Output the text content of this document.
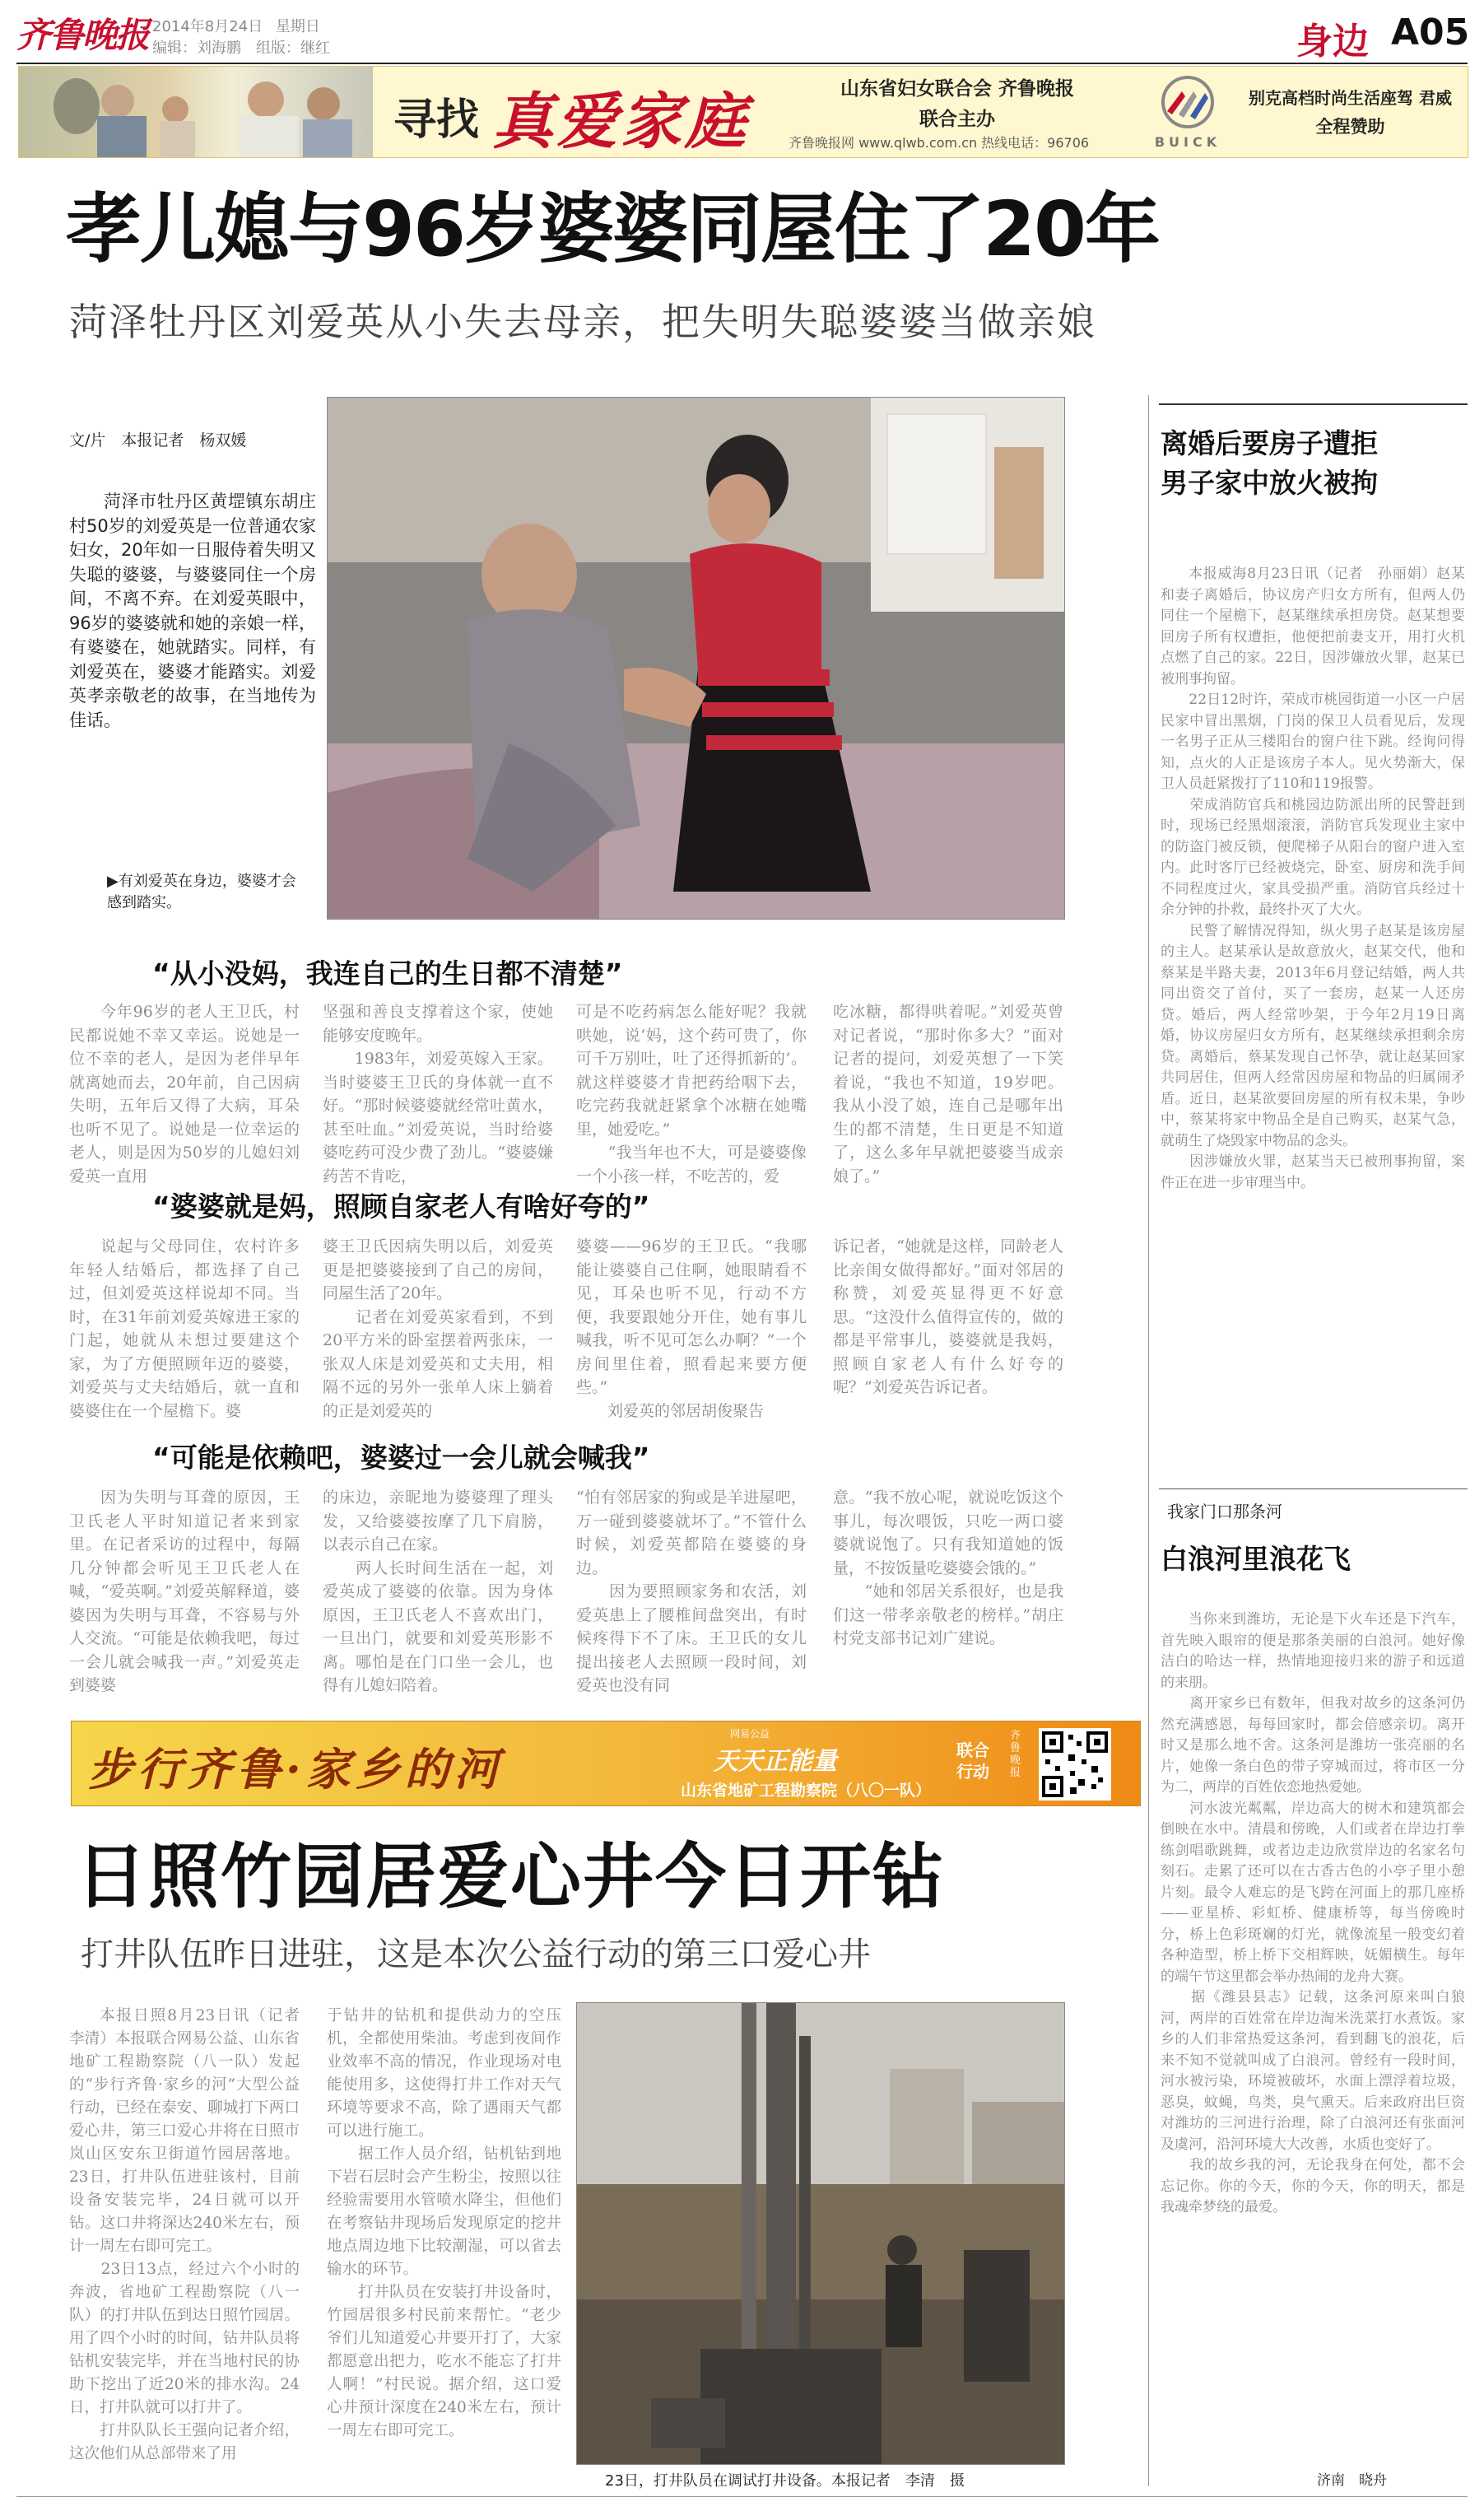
齐鲁晚报 2014年8月24日 星期日
编辑：刘海鹏　组版：继红	身边 A05
寻找 真爱家庭	山东省妇女联合会 齐鲁晚报
联合主办
齐鲁晚报网 www.qlwb.com.cn 热线电话：96706	BUICK
别克高档时尚生活座驾 君威
全程赞助
孝儿媳与96岁婆婆同屋住了20年
菏泽牡丹区刘爱英从小失去母亲，把失明失聪婆婆当做亲娘
文/片　本报记者　杨双媛
菏泽市牡丹区黄堽镇东胡庄村50岁的刘爱英是一位普通农家妇女，20年如一日服侍着失明又失聪的婆婆，与婆婆同住一个房间，不离不弃。在刘爱英眼中，96岁的婆婆就和她的亲娘一样，有婆婆在，她就踏实。同样，有刘爱英在，婆婆才能踏实。刘爱英孝亲敬老的故事，在当地传为佳话。
▶有刘爱英在身边，婆婆才会感到踏实。
“从小没妈，我连自己的生日都不清楚”
今年96岁的老人王卫氏，村民都说她不幸又幸运。说她是一位不幸的老人，是因为老伴早年就离她而去，20年前，自己因病失明，五年后又得了大病，耳朵也听不见了。说她是一位幸运的老人，则是因为50岁的儿媳妇刘爱英一直用
坚强和善良支撑着这个家，使她能够安度晚年。
　　1983年，刘爱英嫁入王家。当时婆婆王卫氏的身体就一直不好。“那时候婆婆就经常吐黄水，甚至吐血。”刘爱英说，当时给婆婆吃药可没少费了劲儿。“婆婆嫌药苦不肯吃，
可是不吃药病怎么能好呢？我就哄她，说‘妈，这个药可贵了，你可千万别吐，吐了还得抓新的’。就这样婆婆才肯把药给咽下去，吃完药我就赶紧拿个冰糖在她嘴里，她爱吃。”
　　“我当年也不大，可是婆婆像一个小孩一样，不吃苦的，爱
吃冰糖，都得哄着呢。”刘爱英曾对记者说，“那时你多大？”面对记者的提问，刘爱英想了一下笑着说，“我也不知道，19岁吧。我从小没了娘，连自己是哪年出生的都不清楚，生日更是不知道了，这么多年早就把婆婆当成亲娘了。”
“婆婆就是妈，照顾自家老人有啥好夸的”
说起与父母同住，农村许多年轻人结婚后，都选择了自己过，但刘爱英这样说却不同。当时，在31年前刘爱英嫁进王家的门起，她就从未想过要建这个家，为了方便照顾年迈的婆婆，刘爱英与丈夫结婚后，就一直和婆婆住在一个屋檐下。婆
婆王卫氏因病失明以后，刘爱英更是把婆婆接到了自己的房间，同屋生活了20年。
　　记者在刘爱英家看到，不到20平方米的卧室摆着两张床，一张双人床是刘爱英和丈夫用，相隔不远的另外一张单人床上躺着的正是刘爱英的
婆婆——96岁的王卫氏。“我哪能让婆婆自己住啊，她眼睛看不见，耳朵也听不见，行动不方便，我要跟她分开住，她有事儿喊我，听不见可怎么办啊？”一个房间里住着，照看起来要方便些。”
　　刘爱英的邻居胡俊聚告
诉记者，“她就是这样，同龄老人比亲闺女做得都好。”面对邻居的称赞，刘爱英显得更不好意思。“这没什么值得宣传的，做的都是平常事儿，婆婆就是我妈，照顾自家老人有什么好夸的呢？”刘爱英告诉记者。
“可能是依赖吧，婆婆过一会儿就会喊我”
因为失明与耳聋的原因，王卫氏老人平时知道记者来到家里。在记者采访的过程中，每隔几分钟都会听见王卫氏老人在喊，“爱英啊。”刘爱英解释道，婆婆因为失明与耳聋，不容易与外人交流。“可能是依赖我吧，每过一会儿就会喊我一声。”刘爱英走到婆婆
的床边，亲昵地为婆婆理了理头发，又给婆婆按摩了几下肩膀，以表示自己在家。
　　两人长时间生活在一起，刘爱英成了婆婆的依靠。因为身体原因，王卫氏老人不喜欢出门，一旦出门，就要和刘爱英形影不离。哪怕是在门口坐一会儿，也得有儿媳妇陪着。
“怕有邻居家的狗或是羊进屋吧，万一碰到婆婆就坏了。”不管什么时候，刘爱英都陪在婆婆的身边。
　　因为要照顾家务和农活，刘爱英患上了腰椎间盘突出，有时候疼得下不了床。王卫氏的女儿提出接老人去照顾一段时间，刘爱英也没有同
意。“我不放心呢，就说吃饭这个事儿，每次喂饭，只吃一两口婆婆就说饱了。只有我知道她的饭量，不按饭量吃婆婆会饿的。”
　　“她和邻居关系很好，也是我们这一带孝亲敬老的榜样。”胡庄村党支部书记刘广建说。
离婚后要房子遭拒
男子家中放火被拘
本报威海8月23日讯（记者　孙丽娟）赵某和妻子离婚后，协议房产归女方所有，但两人仍同住一个屋檐下，赵某继续承担房贷。赵某想要回房子所有权遭拒，他便把前妻支开，用打火机点燃了自己的家。22日，因涉嫌放火罪，赵某已被刑事拘留。
　　22日12时许，荣成市桃园街道一小区一户居民家中冒出黑烟，门岗的保卫人员看见后，发现一名男子正从三楼阳台的窗户往下跳。经询问得知，点火的人正是该房子本人。见火势渐大，保卫人员赶紧拨打了110和119报警。
　　荣成消防官兵和桃园边防派出所的民警赶到时，现场已经黑烟滚滚，消防官兵发现业主家中的防盗门被反锁，便爬梯子从阳台的窗户进入室内。此时客厅已经被烧完，卧室、厨房和洗手间不同程度过火，家具受损严重。消防官兵经过十余分钟的扑救，最终扑灭了大火。
　　民警了解情况得知，纵火男子赵某是该房屋的主人。赵某承认是故意放火，赵某交代，他和蔡某是半路夫妻，2013年6月登记结婚，两人共同出资交了首付，买了一套房，赵某一人还房贷。婚后，两人经常吵架，于今年2月19日离婚，协议房屋归女方所有，赵某继续承担剩余房贷。离婚后，蔡某发现自己怀孕，就让赵某回家共同居住，但两人经常因房屋和物品的归属闹矛盾。近日，赵某欲要回房屋的所有权未果，争吵中，蔡某将家中物品全是自己购买，赵某气急，就萌生了烧毁家中物品的念头。
　　因涉嫌放火罪，赵某当天已被刑事拘留，案件正在进一步审理当中。
我家门口那条河
白浪河里浪花飞
当你来到潍坊，无论是下火车还是下汽车，首先映入眼帘的便是那条美丽的白浪河。她好像洁白的哈达一样，热情地迎接归来的游子和远道的来朋。
　　离开家乡已有数年，但我对故乡的这条河仍然充满感恩，每每回家时，都会倍感亲切。离开时又是那么地不舍。这条河是潍坊一张亮丽的名片，她像一条白色的带子穿城而过，将市区一分为二，两岸的百姓依恋地热爱她。
　　河水波光粼粼，岸边高大的树木和建筑都会倒映在水中。清晨和傍晚，人们或者在岸边打拳练剑唱歌跳舞，或者边走边欣赏岸边的名家名句刻石。走累了还可以在古香古色的小亭子里小憩片刻。最令人难忘的是飞跨在河面上的那几座桥——亚星桥、彩虹桥、健康桥等，每当傍晚时分，桥上色彩斑斓的灯光，就像流星一般变幻着各种造型，桥上桥下交相辉映，妩媚横生。每年的端午节这里都会举办热闹的龙舟大赛。
　　据《潍县县志》记载，这条河原来叫白狼河，两岸的百姓常在岸边淘米洗菜打水煮饭。家乡的人们非常热爱这条河，看到翻飞的浪花，后来不知不觉就叫成了白浪河。曾经有一段时间，河水被污染，环境被破坏，水面上漂浮着垃圾，恶臭，蚊蝇，鸟类，臭气熏天。后来政府出巨资对潍坊的三河进行治理，除了白浪河还有张面河及虞河，沿河环境大大改善，水质也变好了。
　　我的故乡我的河，无论我身在何处，都不会忘记你。你的今天，你的今天，你的明天，都是我魂牵梦绕的最爱。
济南　晓舟
步行齐鲁·家乡的河
网易公益
天天正能量
山东省地矿工程勘察院（八〇一队）
热线电话：96706 网址：www.qlwb.com.cn
联合行动
齐鲁晚报
日照竹园居爱心井今日开钻
打井队伍昨日进驻，这是本次公益行动的第三口爱心井
本报日照8月23日讯（记者　李清）本报联合网易公益、山东省地矿工程勘察院（八一队）发起的“步行齐鲁·家乡的河”大型公益行动，已经在泰安、聊城打下两口爱心井，第三口爱心井将在日照市岚山区安东卫街道竹园居落地。23日，打井队伍进驻该村，目前设备安装完毕，24日就可以开钻。这口井将深达240米左右，预计一周左右即可完工。
　　23日13点，经过六个小时的奔波，省地矿工程勘察院（八一队）的打井队伍到达日照竹园居。用了四个小时的时间，钻井队员将钻机安装完毕，并在当地村民的协助下挖出了近20米的排水沟。24日，打井队就可以打井了。
　　打井队队长王强向记者介绍，这次他们从总部带来了用
于钻井的钻机和提供动力的空压机，全都使用柴油。考虑到夜间作业效率不高的情况，作业现场对电能使用多，这使得打井工作对天气环境等要求不高，除了遇雨天气都可以进行施工。
　　据工作人员介绍，钻机钻到地下岩石层时会产生粉尘，按照以往经验需要用水管喷水降尘，但他们在考察钻井现场后发现原定的挖井地点周边地下比较潮湿，可以省去输水的环节。
　　打井队员在安装打井设备时，竹园居很多村民前来帮忙。“老少爷们儿知道爱心井要开打了，大家都愿意出把力，吃水不能忘了打井人啊！”村民说。据介绍，这口爱心井预计深度在240米左右，预计一周左右即可完工。
23日，打井队员在调试打井设备。本报记者　李清　摄
